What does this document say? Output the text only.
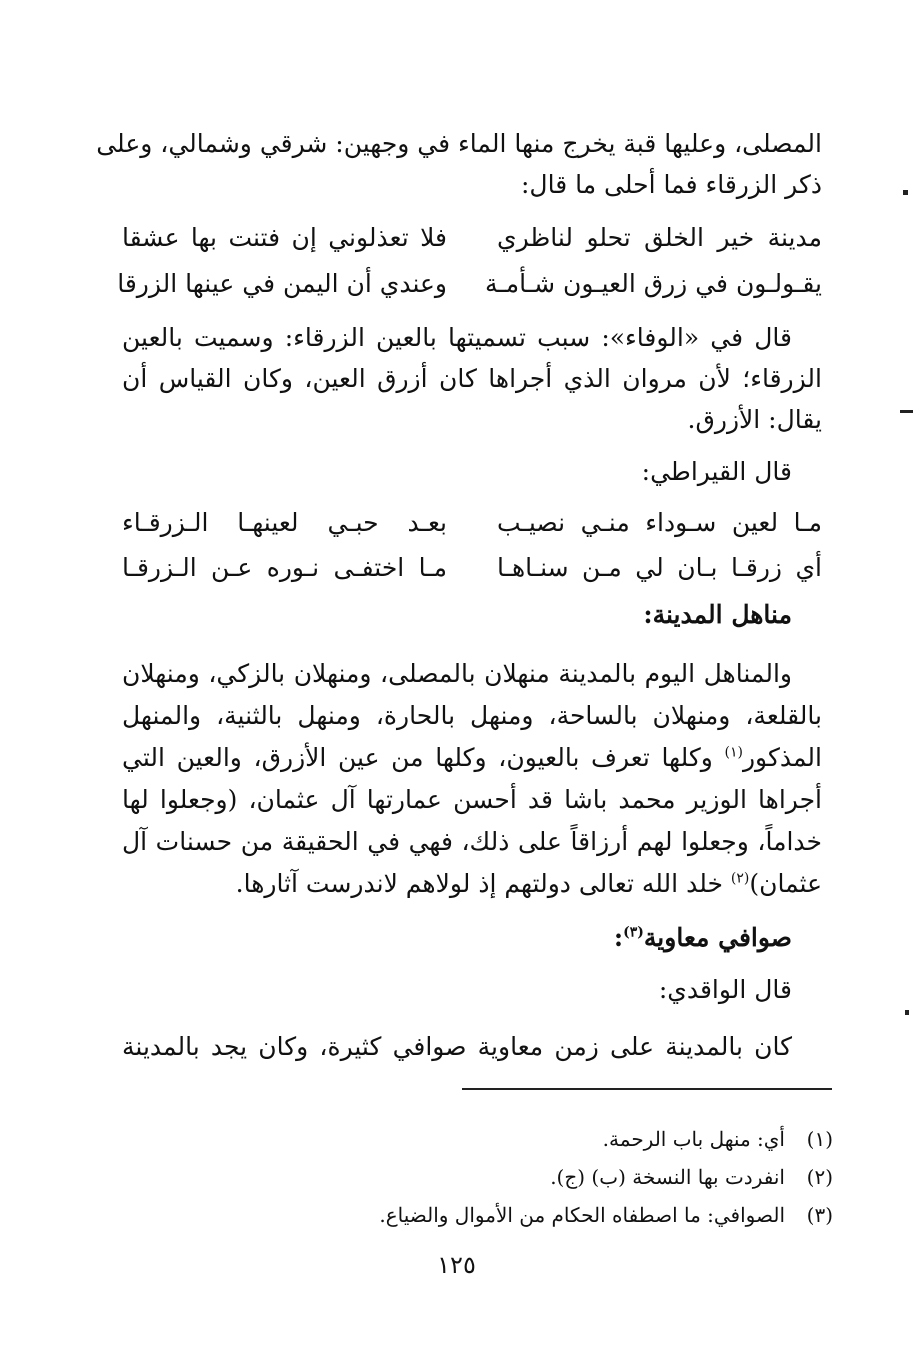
المصلى، وعليها قبة يخرج منها الماء في وجهين: شرقي وشمالي، وعلى
ذكر الزرقاء فما أحلى ما قال:
مدينة خير الخلق تحلو لناظري
فلا تعذلوني إن فتنت بها عشقا
يقـولـون في زرق العيـون شـأمـة
وعندي أن اليمن في عينها الزرقا
قال في «الوفاء»: سبب تسميتها بالعين الزرقاء: وسميت بالعين
الزرقاء؛ لأن مروان الذي أجراها كان أزرق العين، وكان القياس أن
يقال: الأزرق.
قال القيراطي:
مـا لعين سـوداء منـي نصيـب
بعـد حبـي لعينهـا الـزرقـاء
أي زرقـا بـان لي مـن سنـاهـا
مـا اختفـى نـوره عـن الـزرقـا
مناهل المدينة:
والمناهل اليوم بالمدينة منهلان بالمصلى، ومنهلان بالزكي، ومنهلان
بالقلعة، ومنهلان بالساحة، ومنهل بالحارة، ومنهل بالثنية، والمنهل
المذكور$^{(١)}$ وكلها تعرف بالعيون، وكلها من عين الأزرق، والعين التي
أجراها الوزير محمد باشا قد أحسن عمارتها آل عثمان، (وجعلوا لها
خداماً، وجعلوا لهم أرزاقاً على ذلك، فهي في الحقيقة من حسنات آل
عثمان)$^{(٢)}$ خلد الله تعالى دولتهم إذ لولاهم لاندرست آثارها.
صوافي معاوية$^{(٣)}$:
قال الواقدي:
كان بالمدينة على زمن معاوية صوافي كثيرة، وكان يجد بالمدينة
(١)أي: منهل باب الرحمة.
(٢)انفردت بها النسخة (ب) (ج).
(٣)الصوافي: ما اصطفاه الحكام من الأموال والضياع.
١٢٥
